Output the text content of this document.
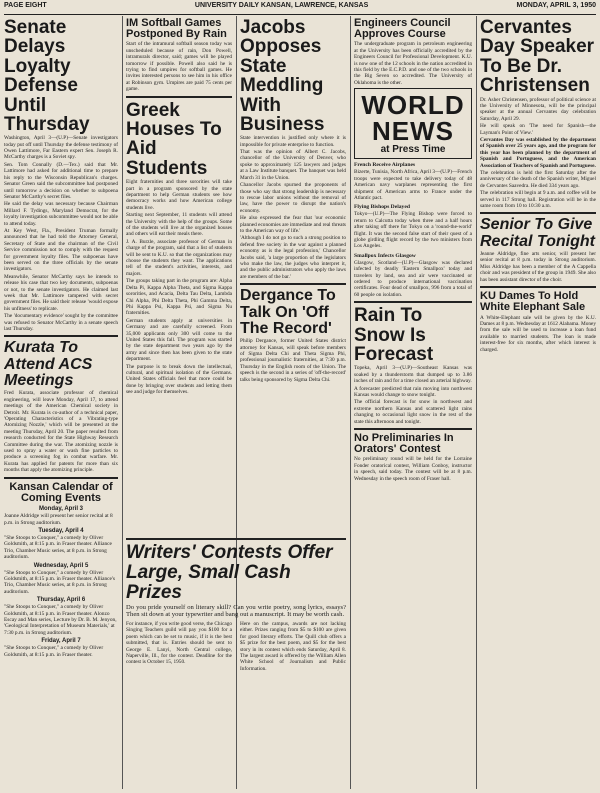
PAGE EIGHT	UNIVERSITY DAILY KANSAN, LAWRENCE, KANSAS	MONDAY, APRIL 3, 1950
Senate Delays Loyalty Defense Until Thursday

Washington, April 3—(U.P)—Senate investigators today put off until Thursday the defense testimony of Owen Lattimore, Far Eastern expert Sen. Joseph R. McCarthy charges is a Soviet spy.

Sen. Tom Connally (D.—Tex.) said that Mr. Lattimore had asked for additional time to prepare his reply to the Wisconsin Republican's charges. Senator Green said the subcommittee had postponed until tomorrow a decision on whether to subpoena Senator McCarthy's secret files.

He said the delay was necessary because Chairman Millard F. Tydings, Maryland Democrat, for the loyalty investigation subcommittee would not be able to attend today.

At Key West, Fla., President Truman formally announced that he had told the Attorney General, Secretary of State and the chairman of the Civil Service commission not to comply with the request for government loyalty files. The subpoenas have been served on the three officials by the senate investigators.

Meanwhile, Senator McCarthy says he intends to release his case that two key documents, subpoenas or not, to the senate investigators. He claimed last week that Mr. Lattimore tampered with secret government files. He said their release 'would expose his unfitness' to replicate.

The 'documentary evidence' sought by the committee was refused to Senator McCarthy in a senate speech last Thursday.

Kurata To Attend ACS Meetings

Fred Kurata, associate professor of chemical engineering, will leave Monday, April 17, to attend meetings of the American Chemical society in Detroit. Mr. Kurata is co-author of a technical paper, 'Operating Characteristics of a Vibrating-type Atomizing Nozzle,' which will be presented at the meeting Thursday, April 20. The paper resulted from research conducted for the State Highway Research Committee during the war. The atomizing nozzle is used to spray a water or wash fine particles to produce a screening fog in combat warfare. Mr. Kurata has applied for patents for more than six months that apply the atomizing principle.

Kansan Calendar of Coming Events
Monday, April 3

Joanne Aldridge will present her senior recital at 8 p.m. in Strong auditorium.

Tuesday, April 4

"She Stoops to Conquer," a comedy by Oliver Goldsmith, at 8:15 p.m. in Fraser theater. Alliance Trio, Chamber Music series, at 8 p.m. in Strong auditorium.

Wednesday, April 5

"She Stoops to Conquer," a comedy by Oliver Goldsmith, at 8:15 p.m. in Fraser theater. Alliance's Trio, Chamber Music series, at 8 p.m. in Strong auditorium.

Thursday, April 6

"She Stoops to Conquer," a comedy by Oliver Goldsmith, at 8:15 p.m. in Fraser theater. Alonzo Escay and Man series, Lecture by Dr. B. M. Jenyon, 'Geological Interpretation of Museum Materials,' at 7:30 p.m. in Strong auditorium.

Friday, April 7

"She Stoops to Conquer," a comedy by Oliver Goldsmith, at 8:15 p.m. in Fraser theater.

IM Softball Games Postponed By Rain

Start of the intramural softball season today was unscheduled because of rain, Don Powell, intramurals director, said; games will be played tomorrow if possible. Powell also said he is trying to find umpires for softball games. He invites interested persons to see him in his office at Robinson gym. Umpires are paid 75 cents per game.

Greek Houses To Aid Students

Eight fraternities and three sororities will take part in a program sponsored by the state department to help German students see how democracy works and how American college students live.

Starting next September, 11 students will attend the University with the help of the groups. Some of the students will live at the organized houses and others will eat their meals there.

J. A. Burzle, associate professor of German in charge of the program, said that a list of students will be sent to K.U. so that the organizations may choose the students they want. The applications tell of the student's activities, interests, and majors.

The groups taking part in the program are: Alpha Delta Pi, Kappa Alpha Theta, and Sigma Kappa sororities, and Acacia, Delta Tau Delta, Lambda Chi Alpha, Phi Delta Theta, Phi Gamma Delta, Phi Kappa Psi, Kappa Psi, and Sigma Nu fraternities.

German students apply at universities in Germany and are carefully screened. From 35,000 applicants only 300 will come to the United States this fall. The program was started by the state department two years ago by the army and since then has been given to the state department.

The purpose is to break down the intellectual, cultural, and spiritual isolation of the Germans. United States officials feel that more could be done by bringing over students and letting them see and judge for themselves.

Jacobs Opposes State Meddling With Business

State intervention is justified only where it is impossible for private enterprise to function.

That was the opinion of Albert C. Jacobs, chancellor of the University of Denver, who spoke to approximately 125 lawyers and judges at a Law Institute banquet. The banquet was held March 31 in the Union.

Chancellor Jacobs spurned the proponents of those who say that strong leadership is necessary to rescue labor unions without the removal of law, have the power to disrupt the nation's economy.

He also expressed the fear that 'our economic planned economies are immediate and real threats to the American way of life.'

'Although I do not go to such a strong position to defend free society in the war against a planned economy as is the legal profession,' Chancellor Jacobs said, 'a large proportion of the legislators who make the law, the judges who interpret it, and the public administrators who apply the laws are members of the bar.'

Dergance To Talk On 'Off The Record'

Philip Dergance, former United States district attorney for Kansas, will speak before members of Sigma Delta Chi and Theta Sigma Phi, professional journalistic fraternities, at 7:30 p.m. Thursday in the English room of the Union. The speech is the second in a series of 'off-the-record' talks being sponsored by Sigma Delta Chi.

Writers' Contests Offer Large, Small Cash Prizes

Do you pride yourself on literary skill? Can you write poetry, song lyrics, essays? Then sit down at your typewriter and bang out a manuscript. It may be worth cash.

For instance, if you write good verse, the Chicago Singing Teachers guild will pay you $100 for a poem which can be set to music, if it is the best submitted, that is. Entries should be sent to George E. Lanyi, North Central college, Naperville, Ill., for the contest. Deadline for the contest is October 15, 1950.

Here on the campus, awards are not lacking either. Prizes ranging from $5 to $100 are given for good literary efforts. The Quill club offers a $5 prize for the best poem, and $5 for the best story in its contest which ends Saturday, April 8. The largest award is offered by the William Allen White School of Journalism and Public Information.

Engineers Council Approves Course

The undergraduate program in petroleum engineering at the University has been officially accredited by the Engineers Council for Professional Development. K.U. is now one of the 12 schools in the nation accredited in this field by the E.C.P.D. and one of the two schools in the Big Seven so accredited. The University of Oklahoma is the other.

WORLD NEWS
at Press Time
French Receive Airplanes

Bizerte, Tunisia, North Africa, April 3—(U.P)—French troops were expected to take delivery today of 48 American navy warplanes representing the first shipment of American arms to France under the Atlantic pact.

Flying Bishops Delayed

Tokyo—(U.P)—The Flying Bishop were forced to return to Calcutta today when three and a half hours after taking off there for Tokyo on a 'round-the-world' flight. It was the second false start of their quest of a globe girdling flight record by the two ministers from Los Angeles.

Smallpox Infects Glasgow

Glasgow, Scotland—(U.P)—Glasgow was declared infected by deadly 'Eastern Smallpox' today and travelers by land, sea and air were vaccinated or ordered to produce international vaccination certificates. Four dead of smallpox, 996 from a total of 60 people on isolation.

Rain To Snow Is Forecast

Topeka, April 3—(U.P)—Southeast Kansas was soaked by a thunderstorm that dumped up to 3.86 inches of rain and for a time closed an arterial highway.

A forecaster predicted that rain moving into northwest Kansas would change to snow tonight.

The official forecast is for snow in northwest and extreme northern Kansas and scattered light rains changing to occasional light snow in the rest of the state this afternoon and tonight.

No Preliminaries In Orators' Contest

No preliminary round will be held for the Lorraine Fonder oratorical contest, William Conboy, instructor in speech, said today. The contest will be at 8 p.m. Wednesday in the speech room of Fraser hall.

Cervantes Day Speaker To Be Dr. Christensen

Dr. Asher Christensen, professor of political science at the University of Minnesota, will be the principal speaker at the annual Cervantes day celebration Saturday, April 29.

He will speak on 'The need for Spanish—the Layman's Point of View.'

Cervantes Day was established by the department of Spanish over 25 years ago, and the program for this year has been planned by the department of Spanish and Portuguese, and the American Association of Teachers of Spanish and Portuguese.

The celebration is held the first Saturday after the anniversary of the death of the Spanish writer, Miguel de Cervantes Saavedra. He died 334 years ago.

The celebration will begin at 9 a.m. and coffee will be served in 117 Strong hall. Registration will be in the same room from 10 to 10:30 a.m.

Senior To Give Recital Tonight

Jeanne Aldridge, fine arts senior, will present her senior recital at 8 p.m. today in Strong auditorium. Miss Aldridge has been a member of the A Cappella choir and was president of the group in 1949. She also has been assistant director of the choir.

KU Dames To Hold White Elephant Sale

A White-Elephant sale will be given by the K.U. Dames at 8 p.m. Wednesday at 1612 Alabama. Money from the sale will be used to increase a loan fund available to married students. The loan is made interest-free for six months, after which interest is charged.
